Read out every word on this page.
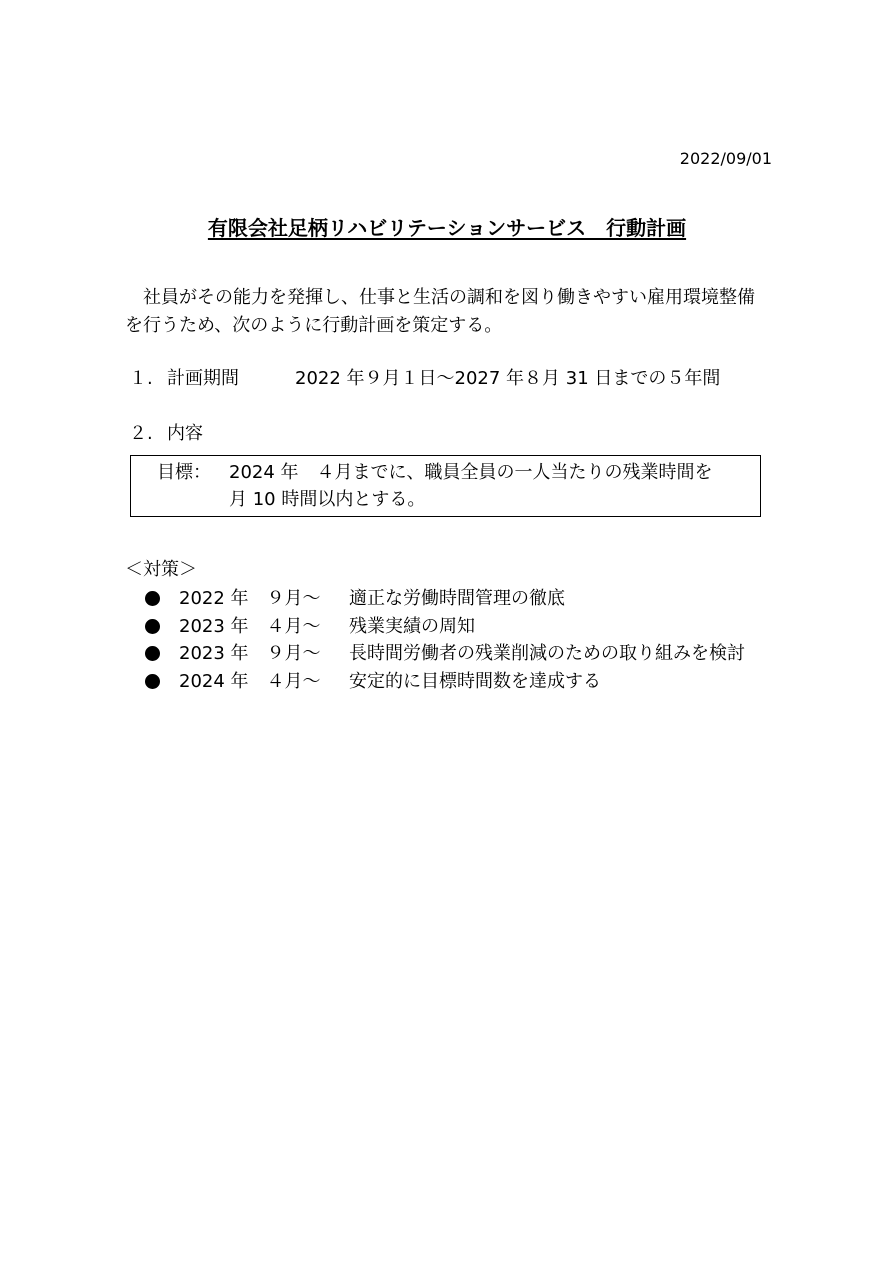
2022/09/01
有限会社足柄リハビリテーションサービス　行動計画

社員がその能力を発揮し、仕事と生活の調和を図り働きやすい雇用環境整備

を行うため、次のように行動計画を策定する。

１. 計画期間	2022 年９月１日～2027 年８月 31 日までの５年間
２. 内容
目標： 2024 年　４月までに、職員全員の一人当たりの残業時間を

月 10 時間以内とする。

＜対策＞
2022 年　９月～	適正な労働時間管理の徹底
2023 年　４月～	残業実績の周知
2023 年　９月～	長時間労働者の残業削減のための取り組みを検討
2024 年　４月～	安定的に目標時間数を達成する
